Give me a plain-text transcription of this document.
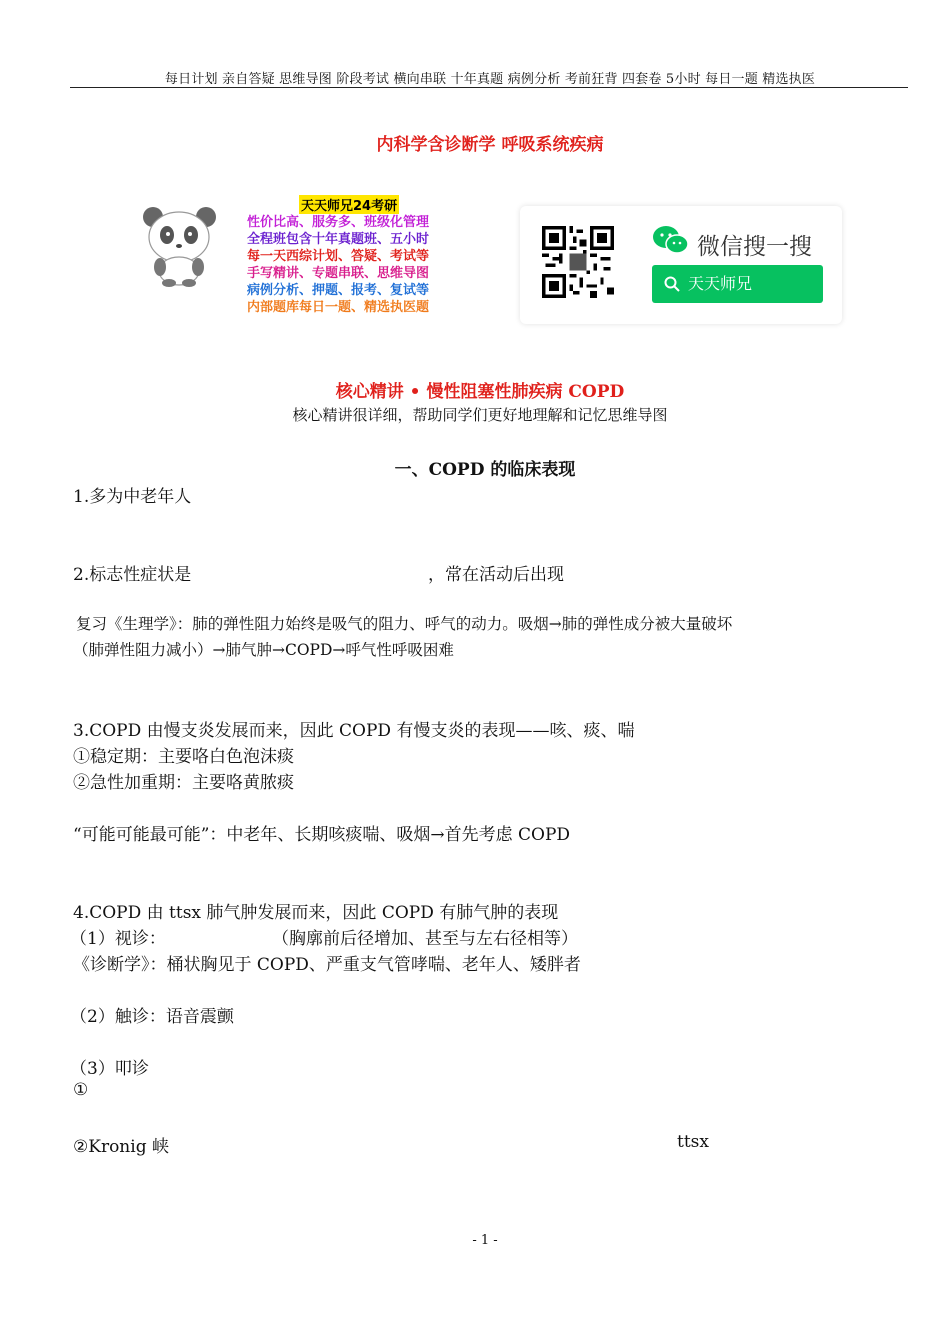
每日计划 亲自答疑 思维导图 阶段考试 横向串联 十年真题 病例分析 考前狂背 四套卷 5小时 每日一题 精选执医
内科学含诊断学 呼吸系统疾病
天天师兄24考研
性价比高、服务多、班级化管理
全程班包含十年真题班、五小时
每一天西综计划、答疑、考试等
手写精讲、专题串联、思维导图
病例分析、押题、报考、复试等
内部题库每日一题、精选执医题
微信搜一搜
天天师兄
核心精讲 • 慢性阻塞性肺疾病 COPD
核心精讲很详细，帮助同学们更好地理解和记忆思维导图
一、COPD 的临床表现
1.多为中老年人
2.标志性症状是	，常在活动后出现
复习《生理学》：肺的弹性阻力始终是吸气的阻力、呼气的动力。吸烟→肺的弹性成分被大量破坏
（肺弹性阻力减小）→肺气肿→COPD→呼气性呼吸困难
3.COPD 由慢支炎发展而来，因此 COPD 有慢支炎的表现——咳、痰、喘
①稳定期：主要咯白色泡沫痰
②急性加重期：主要咯黄脓痰
“可能可能最可能”：中老年、长期咳痰喘、吸烟→首先考虑 COPD
4.COPD 由 ttsx 肺气肿发展而来，因此 COPD 有肺气肿的表现
（1）视诊：	（胸廓前后径增加、甚至与左右径相等）
《诊断学》：桶状胸见于 COPD、严重支气管哮喘、老年人、矮胖者
（2）触诊：语音震颤
（3）叩诊
①
②Kronig 峡	ttsx
- 1 -
